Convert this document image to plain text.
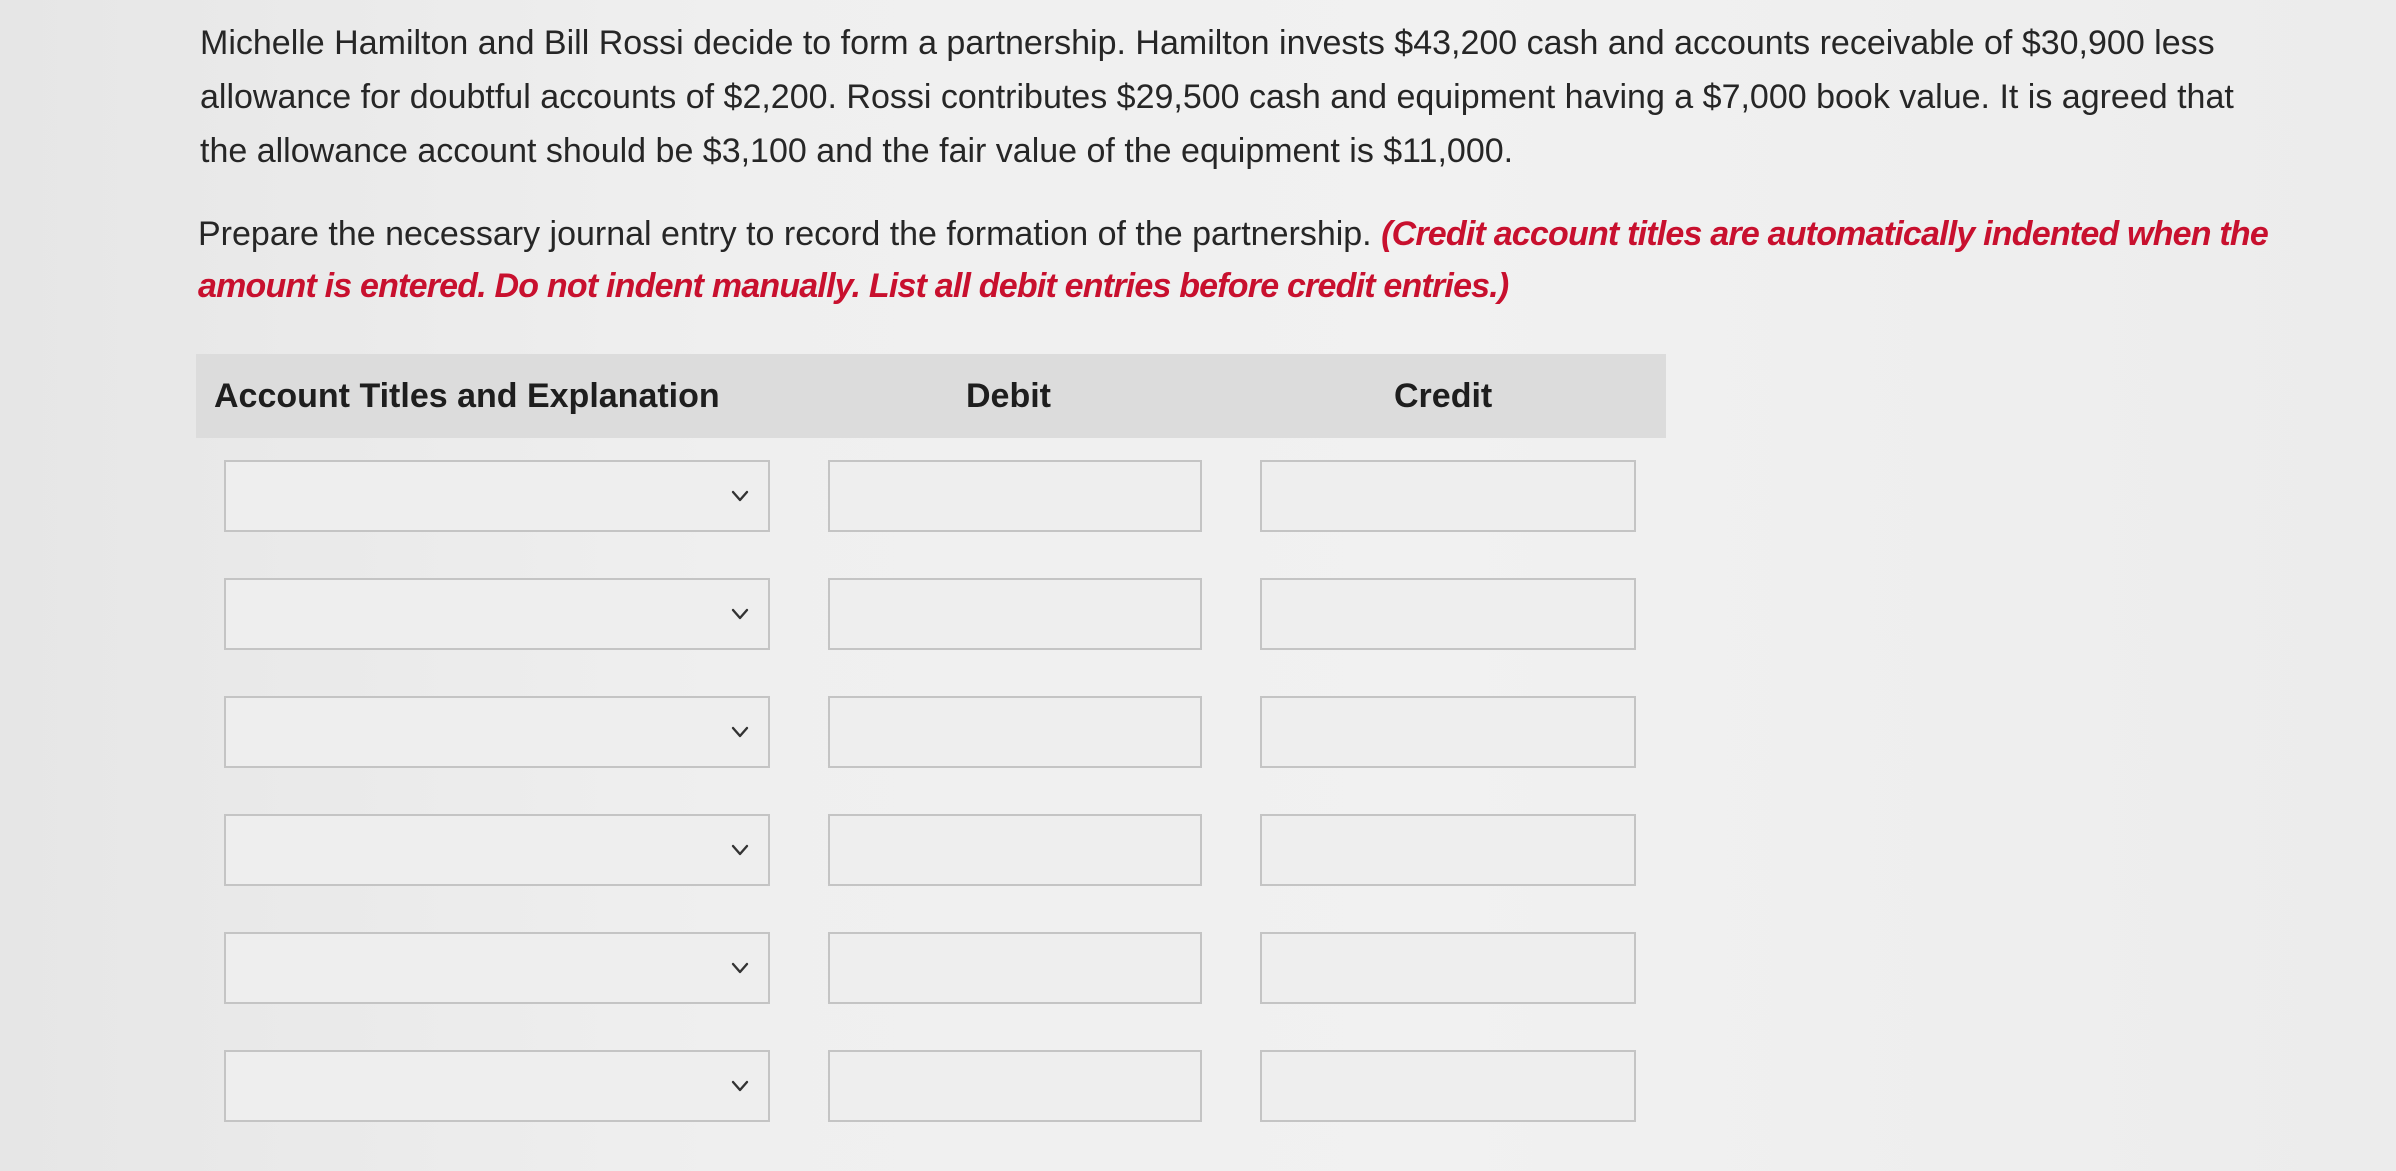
Michelle Hamilton and Bill Rossi decide to form a partnership. Hamilton invests $43,200 cash and accounts receivable of $30,900 less allowance for doubtful accounts of $2,200. Rossi contributes $29,500 cash and equipment having a $7,000 book value. It is agreed that the allowance account should be $3,100 and the fair value of the equipment is $11,000.

Prepare the necessary journal entry to record the formation of the partnership. (Credit account titles are automatically indented when the amount is entered. Do not indent manually. List all debit entries before credit entries.)

Account Titles and Explanation	Debit	Credit
